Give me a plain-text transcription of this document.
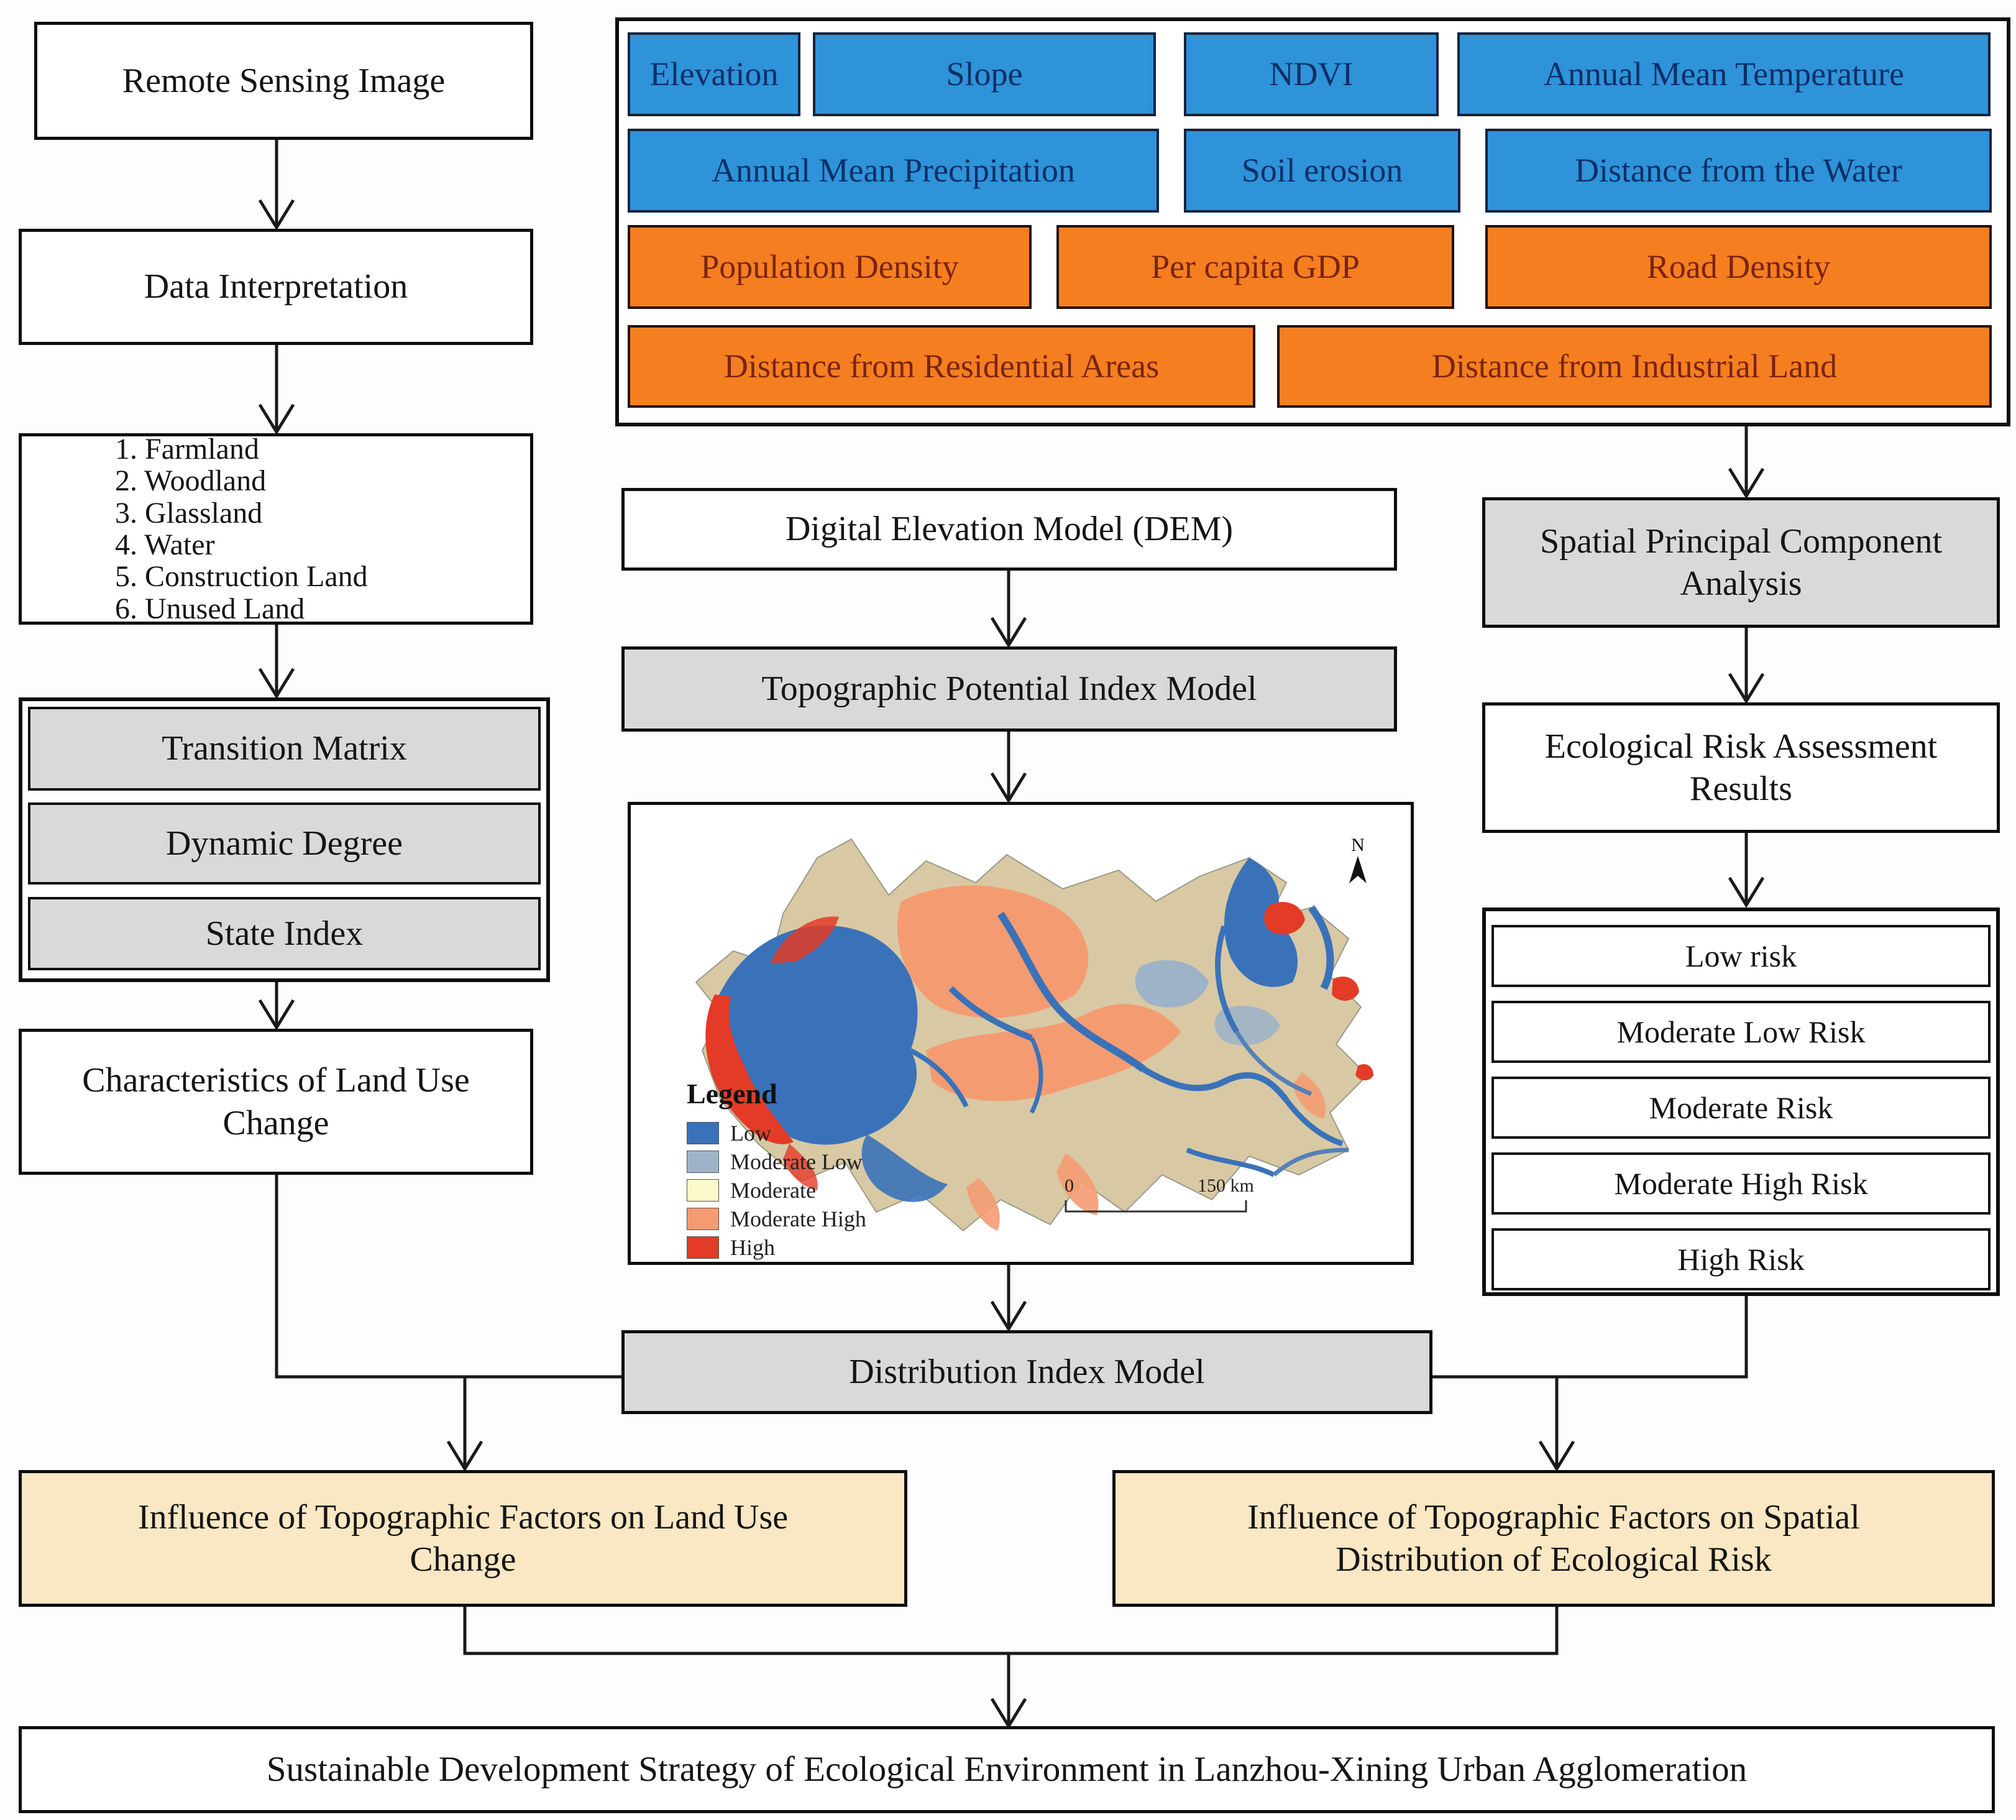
Remote Sensing Image
Data Interpretation
1. Farmland
2. Woodland
3. Glassland
4. Water
5. Construction Land
6. Unused Land
Transition Matrix
Dynamic Degree
State Index
Characteristics of Land Use Change
Elevation	Slope	NDVI	Annual Mean Temperature
Annual Mean Precipitation	Soil erosion	Distance from the Water
Population Density	Per capita GDP	Road Density
Distance from Residential Areas	Distance from Industrial Land
Digital Elevation Model (DEM)
Topographic Potential Index Model
N
Legend
Low
Moderate Low
Moderate
Moderate High
High
0	150 km
Distribution Index Model
Spatial Principal Component Analysis
Ecological Risk Assessment Results
Low risk
Moderate Low Risk
Moderate Risk
Moderate High Risk
High Risk
Influence of Topographic Factors on Land Use Change
Influence of Topographic Factors on Spatial Distribution of Ecological Risk
Sustainable Development Strategy of Ecological Environment in Lanzhou-Xining Urban Agglomeration
